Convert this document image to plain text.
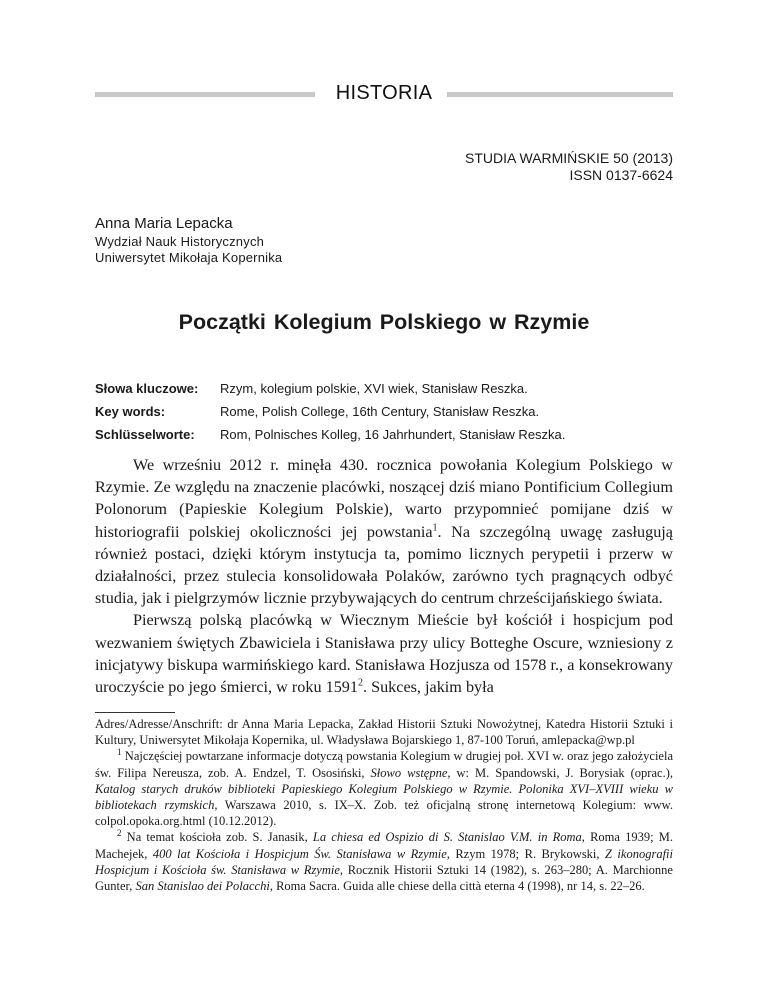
HISTORIA
STUDIA WARMIŃSKIE 50 (2013)
ISSN 0137-6624
Anna Maria Lepacka
Wydział Nauk Historycznych
Uniwersytet Mikołaja Kopernika
Początki Kolegium Polskiego w Rzymie
Słowa kluczowe:	Rzym, kolegium polskie, XVI wiek, Stanisław Reszka.
Key words:	Rome, Polish College, 16th Century, Stanisław Reszka.
Schlüsselworte:	Rom, Polnisches Kolleg, 16 Jahrhundert, Stanisław Reszka.

We wrześniu 2012 r. minęła 430. rocznica powołania Kolegium Polskiego w Rzymie. Ze względu na znaczenie placówki, noszącej dziś miano Pontificium Collegium Polonorum (Papieskie Kolegium Polskie), warto przypomnieć pomijane dziś w historiografii polskiej okoliczności jej powstania$^1$. Na szczególną uwagę zasługują również postaci, dzięki którym instytucja ta, pomimo licznych perypetii i przerw w działalności, przez stulecia konsolidowała Polaków, zarówno tych pragnących odbyć studia, jak i pielgrzymów licznie przybywających do centrum chrześcijańskiego świata.

Pierwszą polską placówką w Wiecznym Mieście był kościół i hospicjum pod wezwaniem świętych Zbawiciela i Stanisława przy ulicy Botteghe Oscure, wzniesiony z inicjatywy biskupa warmińskiego kard. Stanisława Hozjusza od 1578 r., a konsekrowany uroczyście po jego śmierci, w roku 1591$^2$. Sukces, jakim była

Adres/Adresse/Anschrift: dr Anna Maria Lepacka, Zakład Historii Sztuki Nowożytnej, Katedra Historii Sztuki i Kultury, Uniwersytet Mikołaja Kopernika, ul. Władysława Bojarskiego 1, 87-100 Toruń, amlepacka@wp.pl

$^1$ Najczęściej powtarzane informacje dotyczą powstania Kolegium w drugiej poł. XVI w. oraz jego założyciela św. Filipa Nereusza, zob. A. Endzel, T. Ososiński, Słowo wstępne, w: M. Spandowski, J. Borysiak (oprac.), Katalog starych druków biblioteki Papieskiego Kolegium Polskiego w Rzymie. Polonika XVI–XVIII wieku w bibliotekach rzymskich, Warszawa 2010, s. IX–X. Zob. też oficjalną stronę internetową Kolegium: www. colpol.opoka.org.html (10.12.2012).

$^2$ Na temat kościoła zob. S. Janasik, La chiesa ed Ospizio di S. Stanislao V.M. in Roma, Roma 1939; M. Machejek, 400 lat Kościoła i Hospicjum Św. Stanisława w Rzymie, Rzym 1978; R. Brykowski, Z ikonografii Hospicjum i Kościoła św. Stanisława w Rzymie, Rocznik Historii Sztuki 14 (1982), s. 263–280; A. Marchionne Gunter, San Stanislao dei Polacchi, Roma Sacra. Guida alle chiese della città eterna 4 (1998), nr 14, s. 22–26.
